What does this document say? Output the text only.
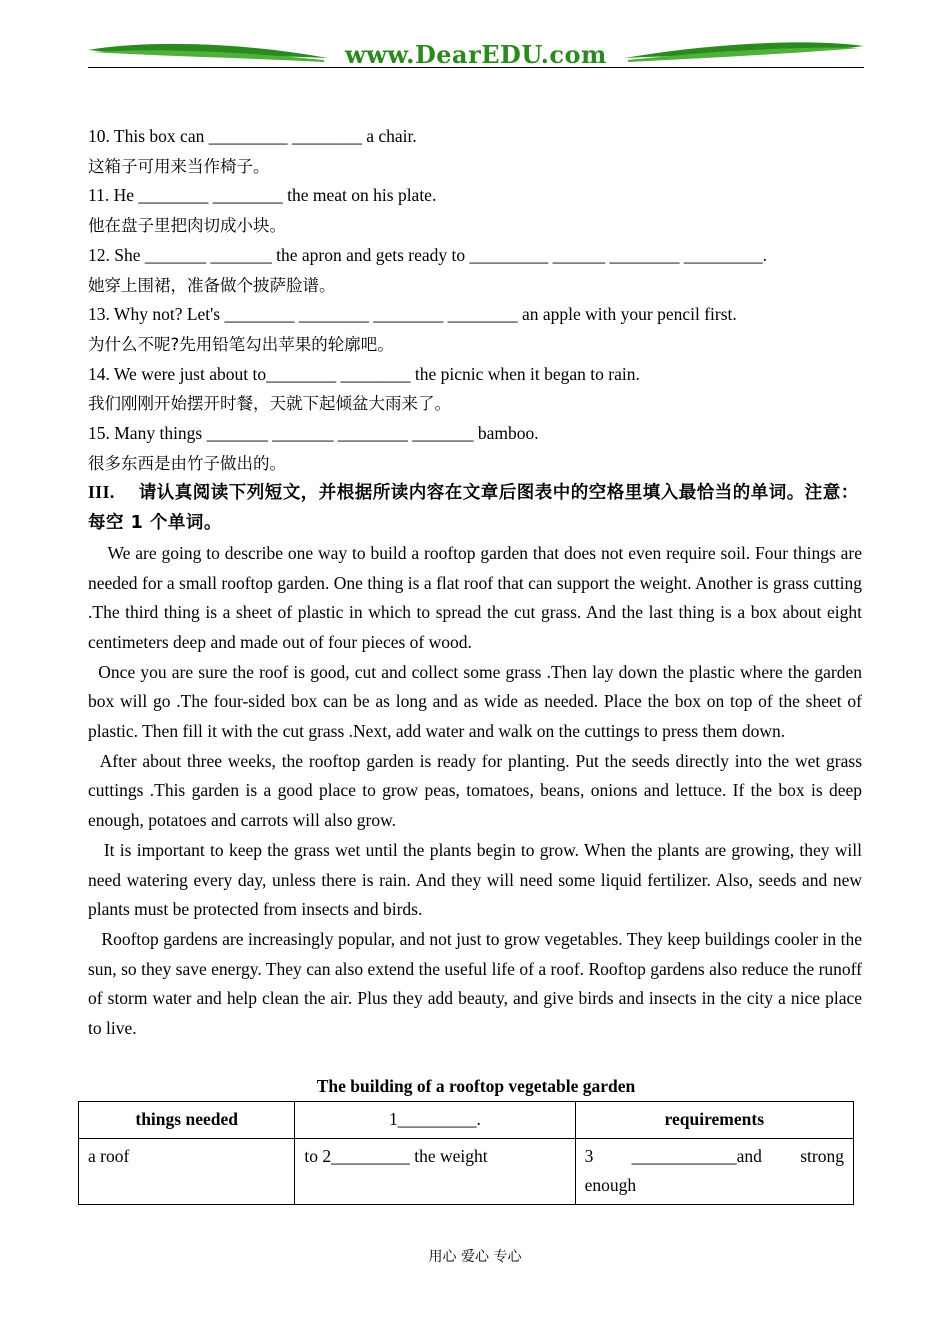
www.DearEDU.com
10. This box can _________ ________ a chair.
这箱子可用来当作椅子。
11. He ________ ________ the meat on his plate.
他在盘子里把肉切成小块。
12. She _______ _______ the apron and gets ready to _________ ______ ________ _________.
她穿上围裙，准备做个披萨脸谱。
13. Why not? Let's ________ ________ ________ ________ an apple with your pencil first.
为什么不呢?先用铅笔勾出苹果的轮廓吧。
14. We were just about to________ ________ the picnic when it began to rain.
我们刚刚开始摆开时餐，天就下起倾盆大雨来了。
15. Many things _______ _______ ________ _______ bamboo.
很多东西是由竹子做出的。
III. 请认真阅读下列短文，并根据所读内容在文章后图表中的空格里填入最恰当的单词。注意：每空 1 个单词。
We are going to describe one way to build a rooftop garden that does not even require soil. Four things are needed for a small rooftop garden. One thing is a flat roof that can support the weight. Another is grass cutting .The third thing is a sheet of plastic in which to spread the cut grass. And the last thing is a box about eight centimeters deep and made out of four pieces of wood.
Once you are sure the roof is good, cut and collect some grass .Then lay down the plastic where the garden box will go .The four-sided box can be as long and as wide as needed. Place the box on top of the sheet of plastic. Then fill it with the cut grass .Next, add water and walk on the cuttings to press them down.
After about three weeks, the rooftop garden is ready for planting. Put the seeds directly into the wet grass cuttings .This garden is a good place to grow peas, tomatoes, beans, onions and lettuce. If the box is deep enough, potatoes and carrots will also grow.
It is important to keep the grass wet until the plants begin to grow. When the plants are growing, they will need watering every day, unless there is rain. And they will need some liquid fertilizer. Also, seeds and new plants must be protected from insects and birds.
Rooftop gardens are increasingly popular, and not just to grow vegetables. They keep buildings cooler in the sun, so they save energy. They can also extend the useful life of a roof. Rooftop gardens also reduce the runoff of storm water and help clean the air. Plus they add beauty, and give birds and insects in the city a nice place to live.
The building of a rooftop vegetable garden
things needed	1_________.	requirements
a roof	to 2_________ the weight	3     ____________and     strong enough
用心 爱心 专心
